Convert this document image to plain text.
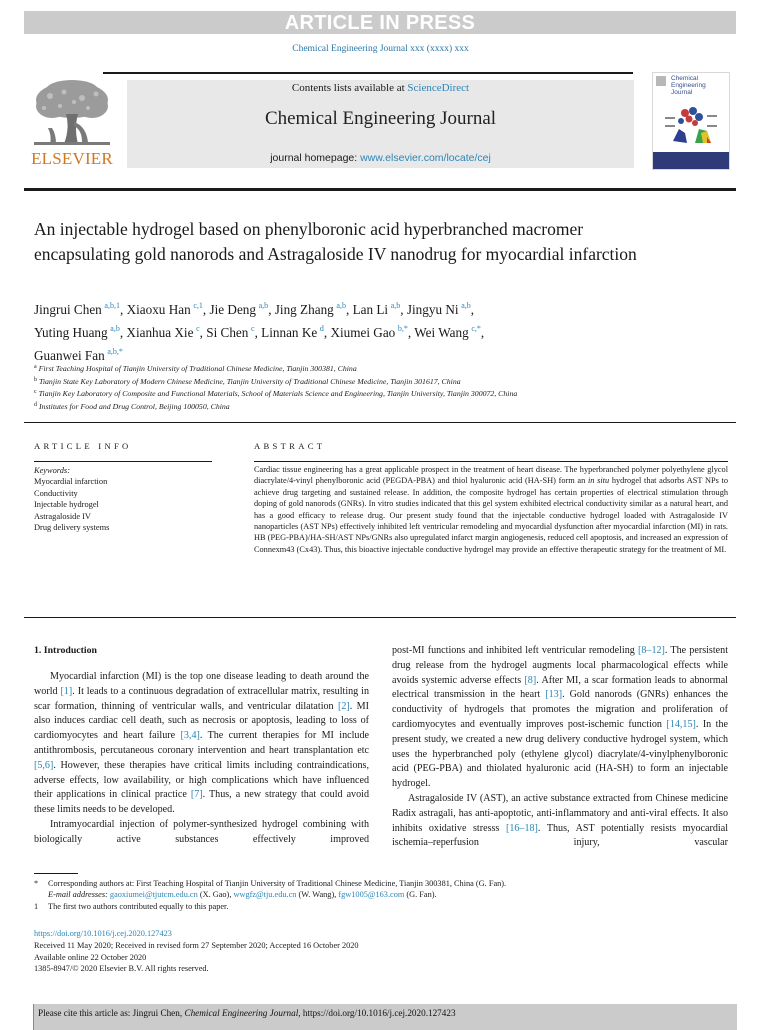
ARTICLE IN PRESS
Chemical Engineering Journal xxx (xxxx) xxx
ELSEVIER
Contents lists available at ScienceDirect
Chemical Engineering Journal
journal homepage: www.elsevier.com/locate/cej
Chemical Engineering Journal
An injectable hydrogel based on phenylboronic acid hyperbranched macromer encapsulating gold nanorods and Astragaloside IV nanodrug for myocardial infarction
Jingrui Chen  $^{a,b,1}$, Xiaoxu Han  $^{c,1}$, Jie Deng  $^{a,b}$, Jing Zhang  $^{a,b}$, Lan Li  $^{a,b}$, Jingyu Ni  $^{a,b}$,
Yuting Huang  $^{a,b}$, Xianhua Xie  $^c$, Si Chen  $^c$, Linnan Ke  $^d$, Xiumei Gao  $^{b,*}$, Wei Wang  $^{c,*}$,
Guanwei Fan  $^{a,b,*}$
$^a$ First Teaching Hospital of Tianjin University of Traditional Chinese Medicine, Tianjin 300381, China
$^b$ Tianjin State Key Laboratory of Modern Chinese Medicine, Tianjin University of Traditional Chinese Medicine, Tianjin 301617, China
$^c$ Tianjin Key Laboratory of Composite and Functional Materials, School of Materials Science and Engineering, Tianjin University, Tianjin 300072, China
$^d$ Institutes for Food and Drug Control, Beijing 100050, China
ARTICLE INFO
Keywords:
Myocardial infarction
Conductivity
Injectable hydrogel
Astragaloside IV
Drug delivery systems
ABSTRACT
Cardiac tissue engineering has a great applicable prospect in the treatment of heart disease. The hyperbranched polymer polyethylene glycol diacrylate/4-vinyl phenylboronic acid (PEGDA-PBA) and thiol hyaluronic acid (HA-SH) form an in situ hydrogel that adsorbs AST NPs to achieve drug targeting and sustained release. In addition, the composite hydrogel has certain properties of electrical stimulation through doping of gold nanorods (GNRs). In vitro studies indicated that this gel system exhibited electrical conductivity similar as a natural heart, and has a good efficacy to release drug. Our present study found that the injectable conductive hydrogel loaded with Astragaloside IV nanoparticles (AST NPs) effectively inhibited left ventricular remodeling and myocardial dysfunction after myocardial infarction (MI) in rats. HB (PEG-PBA)/HA-SH/AST NPs/GNRs also upregulated infarct margin angiogenesis, reduced cell apoptosis, and increased an expression of Connexm43 (Cx43). Thus, this bioactive injectable conductive hydrogel may provide an effective therapeutic strategy for the treatment of MI.
1. Introduction

Myocardial infarction (MI) is the top one disease leading to death around the world [1]. It leads to a continuous degradation of extracellular matrix, resulting in scar formation, thinning of ventricular walls, and ventricular dilatation [2]. MI also induces cardiac cell death, such as necrosis or apoptosis, leading to loss of cardiomyocytes and heart failure [3,4]. The current therapies for MI include antithrombosis, percutaneous coronary intervention and heart transplantation etc [5,6]. However, these therapies have critical limits including contraindications, adverse effects, low availability, or high complications which have influenced their applications in clinical practice [7]. Thus, a new strategy that could avoid these limits needs to be developed.

Intramyocardial injection of polymer-synthesized hydrogel combining with biologically active substances effectively improved

post-MI functions and inhibited left ventricular remodeling [8–12]. The persistent drug release from the hydrogel augments local pharmacological effects while avoids systemic adverse effects [8]. After MI, a scar formation leads to abnormal electrical transmission in the heart [13]. Gold nanorods (GNRs) enhances the conductivity of hydrogels that promotes the migration and proliferation of cardiomyocytes and eventually improves post-ischemic function [14,15]. In the present study, we created a new drug delivery conductive hydrogel system, which uses the hyperbranched poly (ethylene glycol) diacrylate/4-vinylphenylboronic acid (PEG-PBA) and thiolated hyaluronic acid (HA-SH) to form an injectable hydrogel.

Astragaloside IV (AST), an active substance extracted from Chinese medicine Radix astragali, has anti-apoptotic, anti-inflammatory and anti-viral effects. It also inhibits oxidative stresss [16–18]. Thus, AST potentially resists myocardial ischemia–reperfusion injury, vascular

* Corresponding authors at: First Teaching Hospital of Tianjin University of Traditional Chinese Medicine, Tianjin 300381, China (G. Fan).
E-mail addresses: gaoxiumei@tjutcm.edu.cn (X. Gao), wwgfz@tju.edu.cn (W. Wang), fgw1005@163.com (G. Fan).
1 The first two authors contributed equally to this paper.
https://doi.org/10.1016/j.cej.2020.127423
Received 11 May 2020; Received in revised form 27 September 2020; Accepted 16 October 2020
Available online 22 October 2020
1385-8947/© 2020 Elsevier B.V. All rights reserved.
Please cite this article as: Jingrui Chen, Chemical Engineering Journal, https://doi.org/10.1016/j.cej.2020.127423
